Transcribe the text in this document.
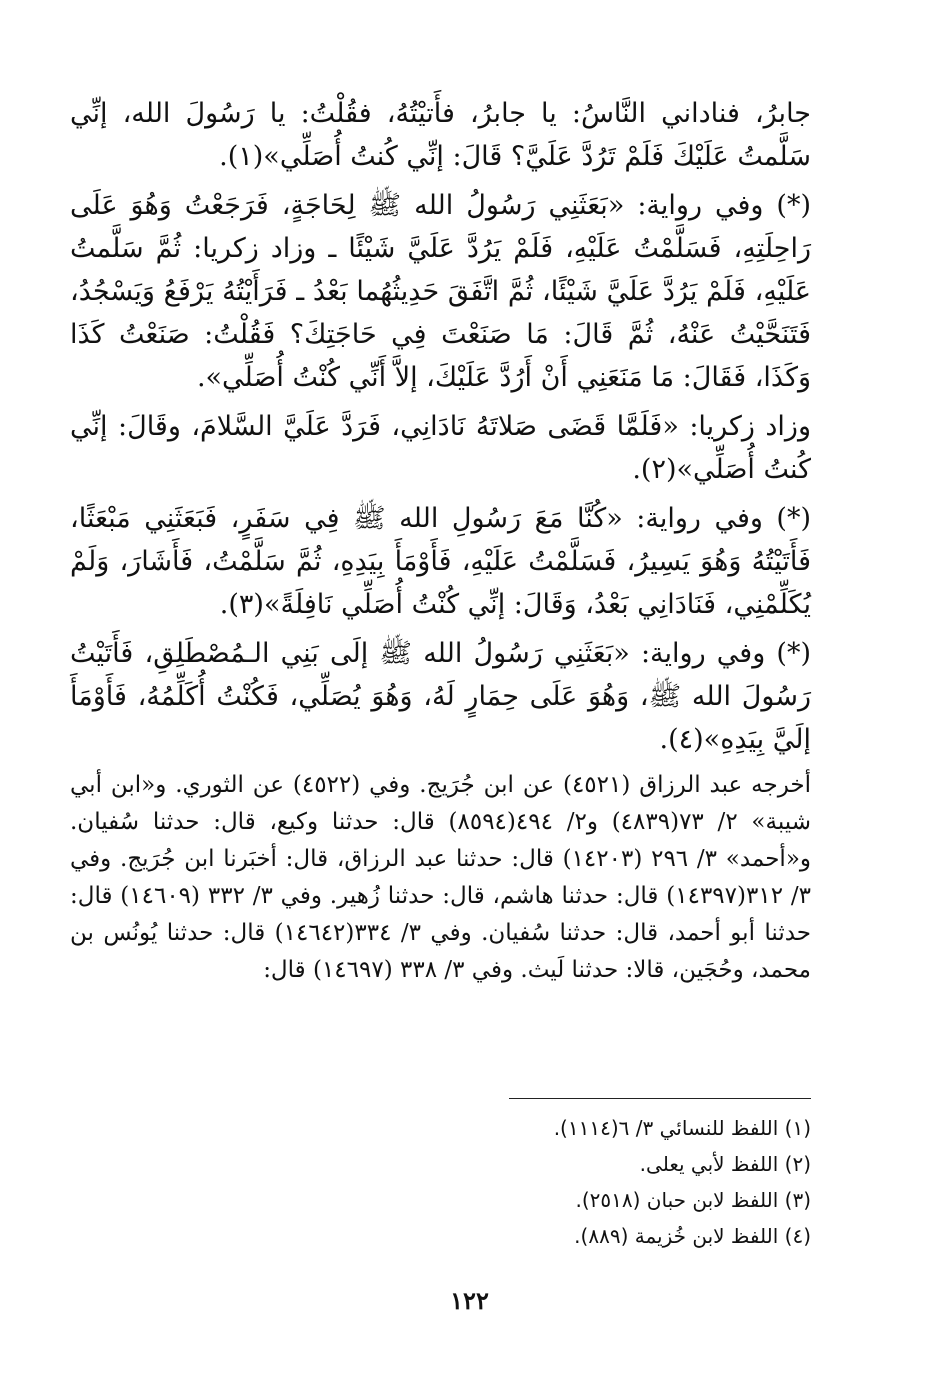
جابرُ، فناداني النَّاسُ: يا جابرُ، فأَتيْتُهُ، فقُلْتُ: يا رَسُولَ الله، إنِّي سَلَّمتُ عَلَيْكَ فَلَمْ تَرُدَّ عَلَيَّ؟ قَالَ: إنِّي كُنتُ أُصَلِّي»(١).
(*) وفي رواية: «بَعَثَنِي رَسُولُ الله ﷺ لِحَاجَةٍ، فَرَجَعْتُ وَهُوَ عَلَى رَاحِلَتِهِ، فَسَلَّمْتُ عَلَيْهِ، فَلَمْ يَرُدَّ عَلَيَّ شَيْئًا ـ وزاد زكريا: ثُمَّ سَلَّمتُ عَلَيْهِ، فَلَمْ يَرُدَّ عَلَيَّ شَيْئًا، ثُمَّ اتَّفَقَ حَدِيثُهُما بَعْدُ ـ فَرَأَيْتُهُ يَرْفَعُ وَيَسْجُدُ، فَتَنَحَّيْتُ عَنْهُ، ثُمَّ قَالَ: مَا صَنَعْتَ فِي حَاجَتِكَ؟ فَقُلْتُ: صَنَعْتُ كَذَا وَكَذَا، فَقَالَ: مَا مَنَعَنِي أَنْ أَرُدَّ عَلَيْكَ، إلاَّ أَنِّي كُنْتُ أُصَلِّي».
وزاد زكريا: «فَلَمَّا قَضَى صَلاتَهُ نَادَانِي، فَرَدَّ عَلَيَّ السَّلامَ، وقَالَ: إنِّي كُنتُ أُصَلِّي»(٢).
(*) وفي رواية: «كُنَّا مَعَ رَسُولِ الله ﷺ فِي سَفَرٍ، فَبَعَثَنِي مَبْعَثًا، فَأَتَيْتُهُ وَهُوَ يَسِيرُ، فَسَلَّمْتُ عَلَيْهِ، فَأَوْمَأَ بِيَدِهِ، ثُمَّ سَلَّمْتُ، فَأَشَارَ، وَلَمْ يُكَلِّمْنِي، فَنَادَانِي بَعْدُ، وَقَالَ: إنِّي كُنْتُ أُصَلِّي نَافِلَةً»(٣).
(*) وفي رواية: «بَعَثَنِي رَسُولُ الله ﷺ إلَى بَنِي الـمُصْطَلِقِ، فَأَتَيْتُ رَسُولَ الله ﷺ، وَهُوَ عَلَى حِمَارٍ لَهُ، وَهُوَ يُصَلِّي، فَكُنْتُ أُكَلِّمُهُ، فَأَوْمَأَ إلَيَّ بِيَدِهِ»(٤).
أخرجه عبد الرزاق (٤٥٢١) عن ابن جُرَيج. وفي (٤٥٢٢) عن الثوري. و«ابن أبي شيبة» ٢/ ٧٣(٤٨٣٩) و٢/ ٤٩٤(٨٥٩٤) قال: حدثنا وكيع، قال: حدثنا سُفيان. و«أحمد» ٣/ ٢٩٦ (١٤٢٠٣) قال: حدثنا عبد الرزاق، قال: أخبَرنا ابن جُرَيج. وفي ٣/ ٣١٢(١٤٣٩٧) قال: حدثنا هاشم، قال: حدثنا زُهير. وفي ٣/ ٣٣٢ (١٤٦٠٩) قال: حدثنا أبو أحمد، قال: حدثنا سُفيان. وفي ٣/ ٣٣٤(١٤٦٤٢) قال: حدثنا يُونُس بن محمد، وحُجَين، قالا: حدثنا لَيث. وفي ٣/ ٣٣٨ (١٤٦٩٧) قال:
(١) اللفظ للنسائي ٣/ ٦(١١١٤).
(٢) اللفظ لأبي يعلى.
(٣) اللفظ لابن حبان (٢٥١٨).
(٤) اللفظ لابن خُزيمة (٨٨٩).
١٢٢
